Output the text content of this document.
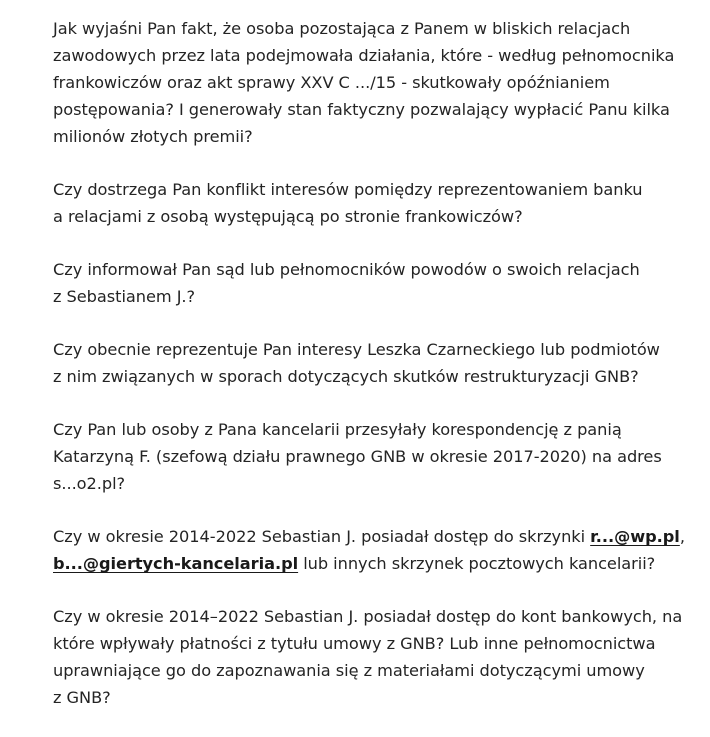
Jak wyjaśni Pan fakt, że osoba pozostająca z Panem w bliskich relacjach
zawodowych przez lata podejmowała działania, które - według pełnomocnika
frankowiczów oraz akt sprawy XXV C .../15 - skutkowały opóźnianiem
postępowania? I generowały stan faktyczny pozwalający wypłacić Panu kilka
milionów złotych premii?

Czy dostrzega Pan konflikt interesów pomiędzy reprezentowaniem banku
a relacjami z osobą występującą po stronie frankowiczów?

Czy informował Pan sąd lub pełnomocników powodów o swoich relacjach
z Sebastianem J.?

Czy obecnie reprezentuje Pan interesy Leszka Czarneckiego lub podmiotów
z nim związanych w sporach dotyczących skutków restrukturyzacji GNB?

Czy Pan lub osoby z Pana kancelarii przesyłały korespondencję z panią
Katarzyną F. (szefową działu prawnego GNB w okresie 2017-2020) na adres
s...o2.pl?

Czy w okresie 2014-2022 Sebastian J. posiadał dostęp do skrzynki r...@wp.pl,
b...@giertych-kancelaria.pl lub innych skrzynek pocztowych kancelarii?

Czy w okresie 2014–2022 Sebastian J. posiadał dostęp do kont bankowych, na
które wpływały płatności z tytułu umowy z GNB? Lub inne pełnomocnictwa
uprawniające go do zapoznawania się z materiałami dotyczącymi umowy
z GNB?
